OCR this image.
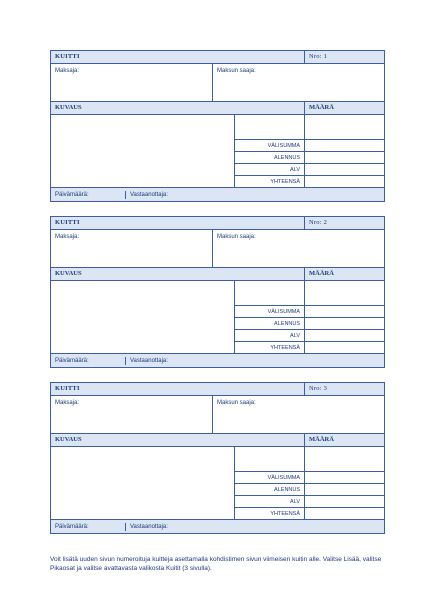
KUITTI			Nro: 1
Maksaja:	Maksun saaja:		
KUVAUS			MÄÄRÄ

		VÄLISUMMA	
		ALENNUS	
		ALV	
		YHTEENSÄ	
Päivämäärä: Vastaanottaja:			
KUITTI			Nro: 2
Maksaja:	Maksun saaja:		
KUVAUS			MÄÄRÄ

		VÄLISUMMA	
		ALENNUS	
		ALV	
		YHTEENSÄ	
Päivämäärä: Vastaanottaja:			
KUITTI			Nro: 3
Maksaja:	Maksun saaja:		
KUVAUS			MÄÄRÄ

		VÄLISUMMA	
		ALENNUS	
		ALV	
		YHTEENSÄ	
Päivämäärä: Vastaanottaja:			
Voit lisätä uuden sivun numeroituja kuitteja asettamalla kohdistimen sivun viimeisen kuitin alle. Valitse Lisää, valitse Pikaosat ja valitse avattavasta valikosta Kuitit (3 sivulla).
